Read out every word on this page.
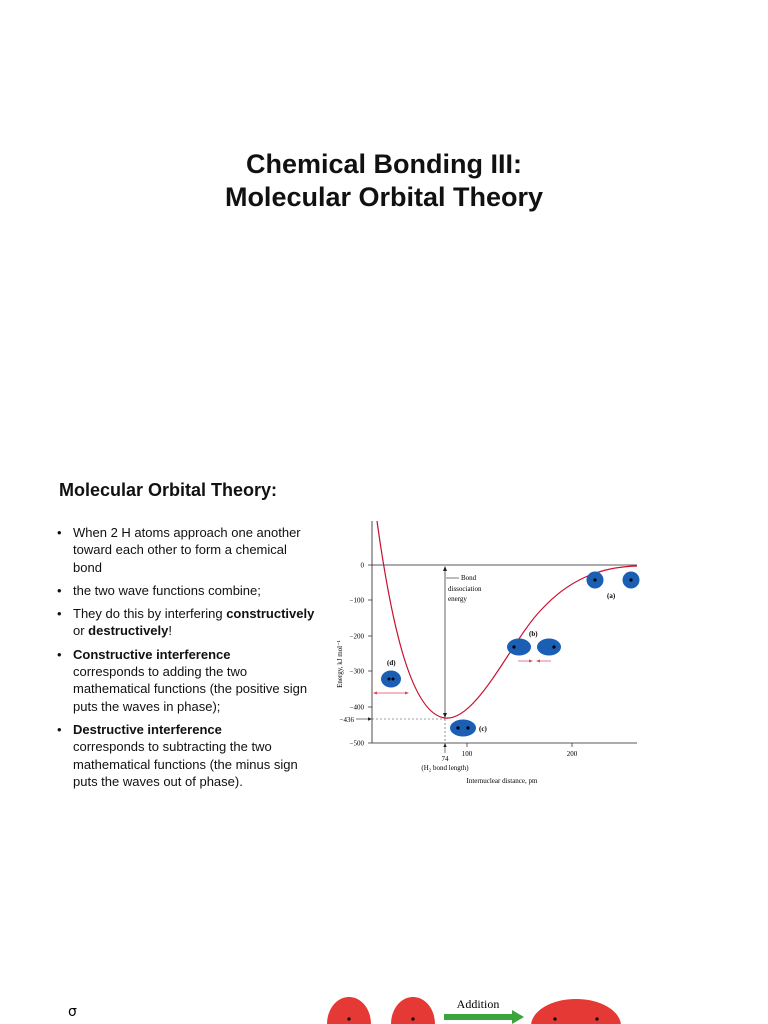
Chemical Bonding III:
Molecular Orbital Theory
Molecular Orbital Theory:
• When 2 H atoms approach one another toward each other to form a chemical bond
• the two wave functions combine;
• They do this by interfering constructively or destructively!
• Constructive interference
corresponds to adding the two mathematical functions (the positive sign puts the waves in phase);
• Destructive interference
corresponds to subtracting the two mathematical functions (the minus sign puts the waves out of phase).
0
−100
−200
−300
−400
−500
−436
Energy, kJ mol⁻¹
100	200
74
(H₂ bond length)
Internuclear distance, pm
Bond
dissociation
energy	(a)
(b)
(c)
(d)
σ	Addition
